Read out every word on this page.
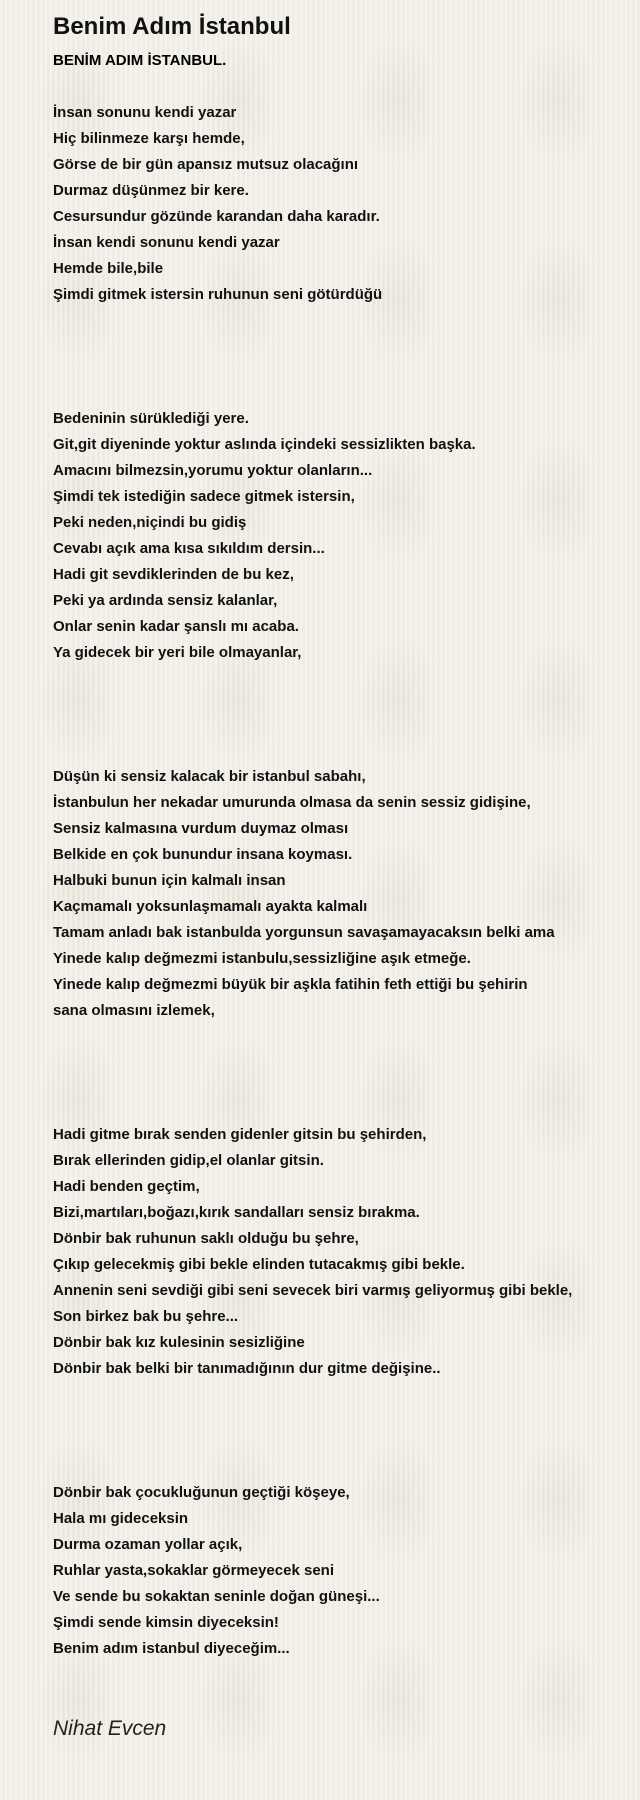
Benim Adım İstanbul
BENİM ADIM İSTANBUL.
İnsan sonunu kendi yazar
Hiç bilinmeze karşı hemde,
Görse de bir gün apansız mutsuz olacağını
Durmaz düşünmez bir kere.
Cesursundur gözünde karandan daha karadır.
İnsan kendi sonunu kendi yazar
Hemde bile,bile
Şimdi gitmek istersin ruhunun seni götürdüğü
Bedeninin sürüklediği yere.
Git,git diyeninde yoktur aslında içindeki sessizlikten başka.
Amacını bilmezsin,yorumu yoktur olanların...
Şimdi tek istediğin sadece gitmek istersin,
Peki neden,niçindi bu gidiş
Cevabı açık ama kısa sıkıldım dersin...
Hadi git sevdiklerinden de bu kez,
Peki ya ardında sensiz kalanlar,
Onlar senin kadar şanslı mı acaba.
Ya gidecek bir yeri bile olmayanlar,
Düşün ki sensiz kalacak bir istanbul sabahı,
İstanbulun her nekadar umurunda olmasa da senin sessiz gidişine,
Sensiz kalmasına vurdum duymaz olması
Belkide en çok bunundur insana koyması.
Halbuki bunun için kalmalı insan
Kaçmamalı yoksunlaşmamalı ayakta kalmalı
Tamam anladı bak istanbulda yorgunsun savaşamayacaksın belki ama
Yinede kalıp değmezmi istanbulu,sessizliğine aşık etmeğe.
Yinede kalıp değmezmi büyük bir aşkla fatihin feth ettiği bu şehirin
sana olmasını izlemek,
Hadi gitme bırak senden gidenler gitsin bu şehirden,
Bırak ellerinden gidip,el olanlar gitsin.
Hadi benden geçtim,
Bizi,martıları,boğazı,kırık sandalları sensiz bırakma.
Dönbir bak ruhunun saklı olduğu bu şehre,
Çıkıp gelecekmiş gibi bekle elinden tutacakmış gibi bekle.
Annenin seni sevdiği gibi seni sevecek biri varmış geliyormuş gibi bekle,
Son birkez bak bu şehre...
Dönbir bak kız kulesinin sesizliğine
Dönbir bak belki bir tanımadığının dur gitme değişine..
Dönbir bak çocukluğunun geçtiği köşeye,
Hala mı gideceksin
Durma ozaman yollar açık,
Ruhlar yasta,sokaklar görmeyecek seni
Ve sende bu sokaktan seninle doğan güneşi...
Şimdi sende kimsin diyeceksin!
Benim adım istanbul diyeceğim...
Nihat Evcen
